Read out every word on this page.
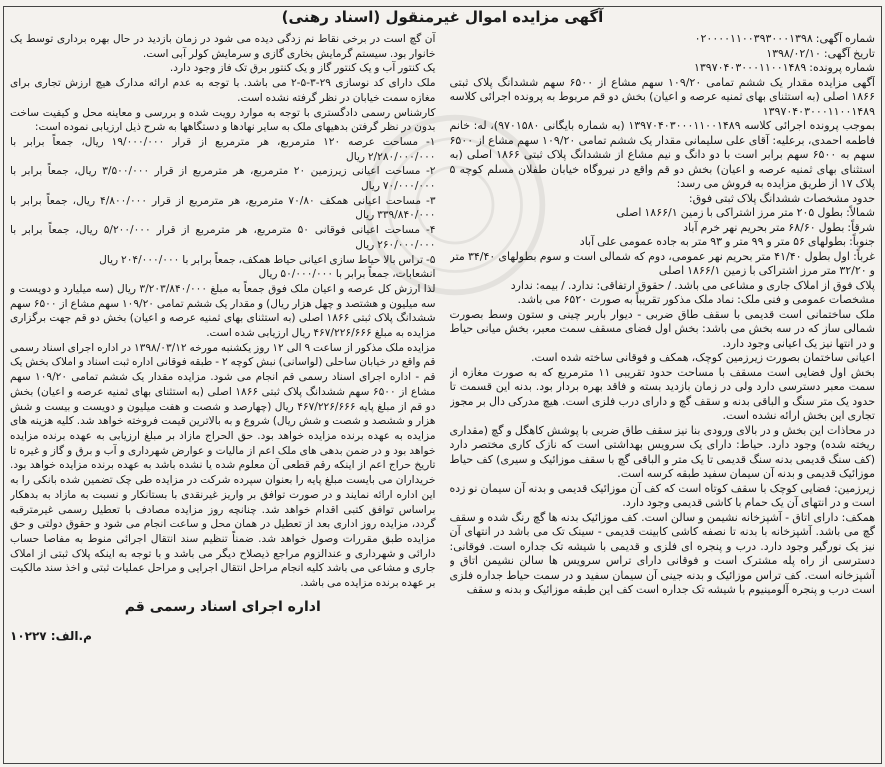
آگهی مزایده اموال غیرمنقول (اسناد رهنی)

شماره آگهی: ۰۲۰۰۰۰۱۱۰۰۳۹۳۰۰۰۱۳۹۸

تاریخ آگهی: ۱۳۹۸/۰۲/۱۰

شماره پرونده: ۱۳۹۷۰۴۰۳۰۰۰۱۱۰۰۱۴۸۹

آگهی مزایده مقدار یک ششم تمامی ۱۰۹/۲۰ سهم مشاع از ۶۵۰۰ سهم ششدانگ پلاک ثبتی ۱۸۶۶ اصلی (به استثنای بهای ثمنیه عرصه و اعیان) بخش دو قم مربوط به پرونده اجرائی کلاسه ۱۳۹۷۰۴۰۳۰۰۰۱۱۰۰۱۴۸۹

بموجب پرونده اجرائی کلاسه ۱۳۹۷۰۴۰۳۰۰۰۱۱۰۰۱۴۸۹ (به شماره بایگانی ۹۷۰۱۵۸۰)، له: خانم فاطمه احمدی، برعلیه: آقای علی سلیمانی مقدار یک ششم تمامی ۱۰۹/۲۰ سهم مشاع از ۶۵۰۰ سهم به ۶۵۰۰ سهم برابر است با دو دانگ و نیم مشاع از ششدانگ پلاک ثبتی ۱۸۶۶ اصلی (به استثنای بهای ثمنیه عرصه و اعیان) بخش دو قم واقع در نیروگاه خیابان طفلان مسلم کوچه ۵ پلاک ۱۷ از طریق مزایده به فروش می رسد:

حدود مشخصات ششدانگ پلاک ثبتی فوق:

شمالاً: بطول ۲۰۵ متر مرز اشتراکی با زمین ۱۸۶۶/۱ اصلی

شرقاً: بطول ۶۸/۶۰ متر بحریم نهر خرم آباد

جنوباً: بطولهای ۵۶ متر و ۹۹ متر و ۹۳ متر به جاده عمومی علی آباد

غرباً: اول بطول ۴۱/۴۰ متر بحریم نهر عمومی، دوم که شمالی است و سوم بطولهای ۳۴/۴۰ متر و ۳۲/۲۰ متر مرز اشتراکی با زمین ۱۸۶۶/۱ اصلی

پلاک فوق از املاک جاری و مشاعی می باشد. / حقوق ارتفاقی: ندارد. / بیمه: ندارد

مشخصات عمومی و فنی ملک: نماد ملک مذکور تقریباً به صورت ۶۵۲۰ می باشد.

ملک ساختمانی است قدیمی با سقف طاق ضربی - دیوار باربر چینی و ستون وسط بصورت شمالی ساز که در سه بخش می باشد: بخش اول فضای مسقف سمت معبر، بخش میانی حیاط و در انتها نیز یک اعیانی وجود دارد.

اعیانی ساختمان بصورت زیرزمین کوچک، همکف و فوقانی ساخته شده است.

بخش اول فضایی است مسقف با مساحت حدود تقریبی ۱۱ مترمربع که به صورت مغازه از سمت معبر دسترسی دارد ولی در زمان بازدید بسته و فاقد بهره بردار بود. بدنه این قسمت تا حدود یک متر سنگ و الباقی بدنه و سقف گچ و دارای درب فلزی است. هیچ مدرکی دال بر مجوز تجاری این بخش ارائه نشده است.

در محاذات این بخش و در بالای ورودی بنا نیز سقف طاق ضربی با پوشش کاهگل و گچ (مقداری ریخته شده) وجود دارد. حیاط: دارای یک سرویس بهداشتی است که نازک کاری مختصر دارد (کف سنگ قدیمی بدنه سنگ قدیمی تا یک متر و الباقی گچ با سقف موزائیک و سیری) کف حیاط موزائیک قدیمی و بدنه آن سیمان سفید طبقه کرسه است.

زیرزمین: فضایی کوچک با سقف کوتاه است که کف آن موزائیک قدیمی و بدنه آن سیمان نو زده است و در انتهای آن یک حمام با کاشی قدیمی وجود دارد.

همکف: دارای اتاق - آشپزخانه نشیمن و سالن است. کف موزائیک بدنه ها گچ رنگ شده و سقف گچ می باشد. آشپزخانه با بدنه تا نصفه کاشی کابینت قدیمی - سینک تک می باشد در انتهای آن نیز یک نورگیر وجود دارد. درب و پنجره ای فلزی و قدیمی با شیشه تک جداره است. فوقانی: دسترسی از راه پله مشترک است و فوقانی دارای تراس سرویس ها سالن نشیمن اتاق و آشپزخانه است. کف تراس موزائیک و بدنه جینی آن سیمان سفید و در سمت حیاط جداره فلزی است درب و پنجره آلومینیوم با شیشه تک جداره است کف این طبقه موزائیک و بدنه و سقف

آن گچ است در برخی نقاط نم زدگی دیده می شود در زمان بازدید در حال بهره برداری توسط یک خانوار بود. سیستم گرمایش بخاری گازی و سرمایش کولر آبی است.

یک کنتور آب و یک کنتور گاز و یک کنتور برق تک فاز وجود دارد.

ملک دارای کد نوسازی ۲۹-۳-۵-۲ می باشد. با توجه به عدم ارائه مدارک هیچ ارزش تجاری برای مغازه سمت خیابان در نظر گرفته نشده است.

کارشناس رسمی دادگستری با توجه به موارد رویت شده و بررسی و معاینه محل و کیفیت ساخت بدون در نظر گرفتن بدهیهای ملک به سایر نهادها و دستگاهها به شرح ذیل ارزیابی نموده است:

۱- مساحت عرصه ۱۲۰ مترمربع، هر مترمربع از قرار ۱۹/۰۰۰/۰۰۰ ریال، جمعاً برابر با ۲/۲۸۰/۰۰۰/۰۰۰ ریال

۲- مساحت اعیانی زیرزمین ۲۰ مترمربع، هر مترمربع از قرار ۳/۵۰۰/۰۰۰ ریال، جمعاً برابر با ۷۰/۰۰۰/۰۰۰ ریال

۳- مساحت اعیانی همکف ۷۰/۸۰ مترمربع، هر مترمربع از قرار ۴/۸۰۰/۰۰۰ ریال، جمعاً برابر با ۳۳۹/۸۴۰/۰۰۰ ریال

۴- مساحت اعیانی فوقانی ۵۰ مترمربع، هر مترمربع از قرار ۵/۲۰۰/۰۰۰ ریال، جمعاً برابر با ۲۶۰/۰۰۰/۰۰۰ ریال

۵- تراس بالا حیاط سازی اعیانی حیاط همکف، جمعاً برابر با ۲۰۴/۰۰۰/۰۰۰ ریال

انشعابات، جمعاً برابر با ۵۰/۰۰۰/۰۰۰ ریال

لذا ارزش کل عرصه و اعیان ملک فوق جمعاً به مبلغ ۳/۲۰۳/۸۴۰/۰۰۰ ریال (سه میلیارد و دویست و سه میلیون و هشتصد و چهل هزار ریال) و مقدار یک ششم تمامی ۱۰۹/۲۰ سهم مشاع از ۶۵۰۰ سهم ششدانگ پلاک ثبتی ۱۸۶۶ اصلی (به استثنای بهای ثمنیه عرصه و اعیان) بخش دو قم جهت برگزاری مزایده به مبلغ ۴۶۷/۲۲۶/۶۶۶ ریال ارزیابی شده است.

مزایده ملک مذکور از ساعت ۹ الی ۱۲ روز یکشنبه مورخه ۱۳۹۸/۰۳/۱۲ در اداره اجرای اسناد رسمی قم واقع در خیابان ساحلی (لواسانی) نبش کوچه ۲ - طبقه فوقانی اداره ثبت اسناد و املاک بخش یک قم - اداره اجرای اسناد رسمی قم انجام می شود. مزایده مقدار یک ششم تمامی ۱۰۹/۲۰ سهم مشاع از ۶۵۰۰ سهم ششدانگ پلاک ثبتی ۱۸۶۶ اصلی (به استثنای بهای ثمنیه عرصه و اعیان) بخش دو قم از مبلغ پایه ۴۶۷/۲۲۶/۶۶۶ ریال (چهارصد و شصت و هفت میلیون و دویست و بیست و شش هزار و ششصد و شصت و شش ریال) شروع و به بالاترین قیمت فروخته خواهد شد. کلیه هزینه های مزایده به عهده برنده مزایده خواهد بود. حق الحراج مازاد بر مبلغ ارزیابی به عهده برنده مزایده خواهد بود و در ضمن بدهی های ملک اعم از مالیات و عوارض شهرداری و آب و برق و گاز و غیره تا تاریخ حراج اعم از اینکه رقم قطعی آن معلوم شده یا نشده باشد به عهده برنده مزایده خواهد بود. خریداران می بایست مبلغ پایه را بعنوان سپرده شرکت در مزایده طی چک تضمین شده بانکی را به این اداره ارائه نمایند و در صورت توافق بر واریز غیرنقدی با بستانکار و نسبت به مازاد به بدهکار براساس توافق کتبی اقدام خواهد شد. چنانچه روز مزایده مصادف با تعطیل رسمی غیرمترقبه گردد، مزایده روز اداری بعد از تعطیل در همان محل و ساعت انجام می شود و حقوق دولتی و حق مزایده طبق مقررات وصول خواهد شد. ضمناً تنظیم سند انتقال اجرائی منوط به مفاصا حساب دارائی و شهرداری و عندالزوم مراجع ذیصلاح دیگر می باشد و با توجه به اینکه پلاک ثبتی از املاک جاری و مشاعی می باشد کلیه انجام مراحل انتقال اجرایی و مراحل عملیات ثبتی و اخذ سند مالکیت بر عهده برنده مزایده می باشد.

اداره اجرای اسناد رسمی قم
م.الف: ۱۰۲۲۷
